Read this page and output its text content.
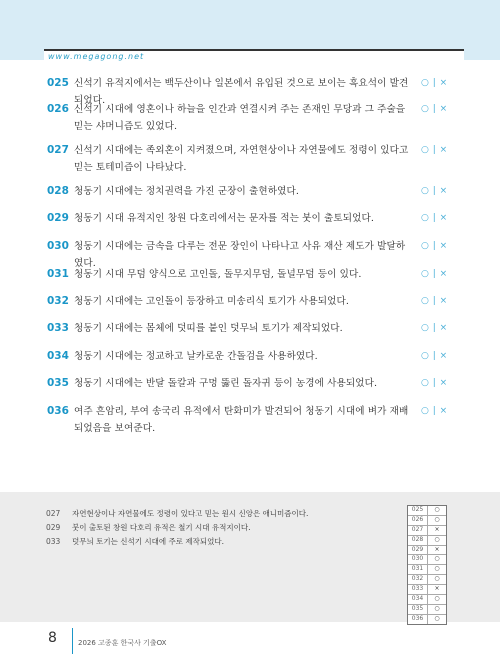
www.megagong.net
025 신석기 유적지에서는 백두산이나 일본에서 유입된 것으로 보이는 흑요석이 발견되었다.
○ | ×
026 신석기 시대에 영혼이나 하늘을 인간과 연결시켜 주는 존재인 무당과 그 주술을 믿는 샤머니즘도 있었다.
○ | ×
027 신석기 시대에는 족외혼이 지켜졌으며, 자연현상이나 자연물에도 정령이 있다고 믿는 토테미즘이 나타났다.
○ | ×
028 청동기 시대에는 정치권력을 가진 군장이 출현하였다.	○ | ×
029 청동기 시대 유적지인 창원 다호리에서는 문자를 적는 붓이 출토되었다.	○ | ×
030 청동기 시대에는 금속을 다루는 전문 장인이 나타나고 사유 재산 제도가 발달하였다.
○ | ×
031 청동기 시대 무덤 양식으로 고인돌, 돌무지무덤, 돌널무덤 등이 있다.	○ | ×
032 청동기 시대에는 고인돌이 등장하고 미송리식 토기가 사용되었다.	○ | ×
033 청동기 시대에는 몸체에 덧띠를 붙인 덧무늬 토기가 제작되었다.	○ | ×
034 청동기 시대에는 정교하고 날카로운 간돌검을 사용하였다.	○ | ×
035 청동기 시대에는 반달 돌칼과 구멍 뚫린 돌자귀 등이 농경에 사용되었다.	○ | ×
036 여주 흔암리, 부여 송국리 유적에서 탄화미가 발견되어 청동기 시대에 벼가 재배되었음을 보여준다.
○ | ×
027 자연현상이나 자연물에도 정령이 있다고 믿는 원시 신앙은 애니미즘이다.
029 붓이 출토된 창원 다호리 유적은 철기 시대 유적지이다.
033 덧무늬 토기는 신석기 시대에 주로 제작되었다.
025	○
026	○
027	×
028	○
029	×
030	○
031	○
032	○
033	×
034	○
035	○
036	○
8	2026 고종훈 한국사 기출OX
